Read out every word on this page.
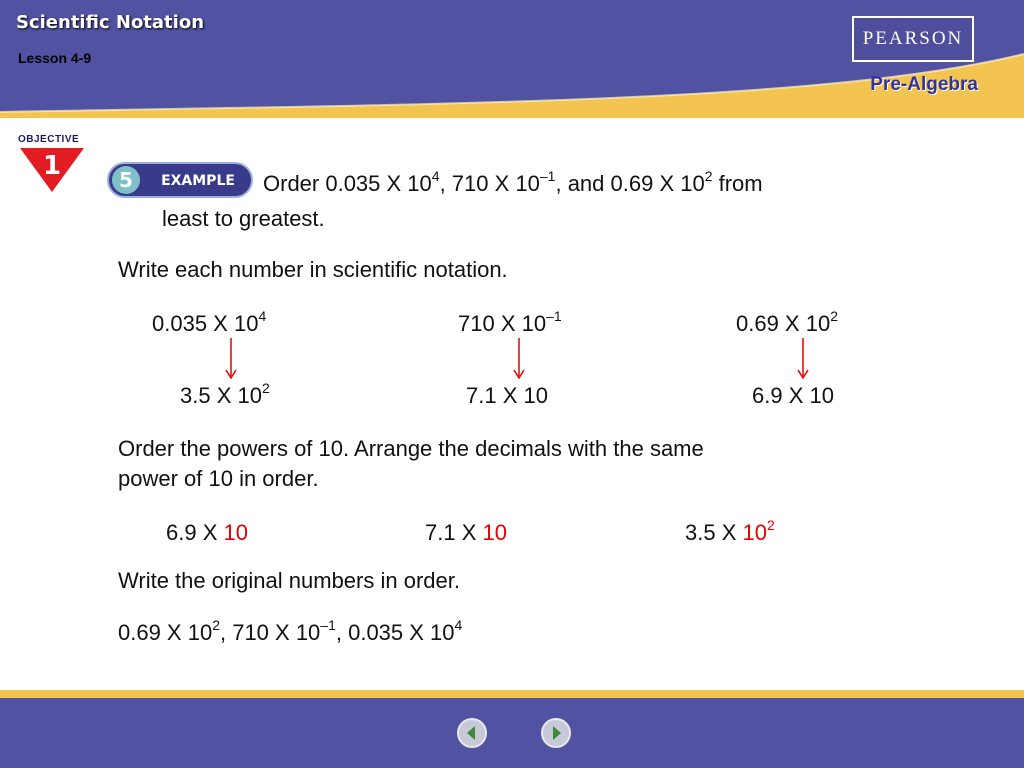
Scientific Notation
Lesson 4-9
PEARSON
Pre-Algebra
OBJECTIVE
1	5 EXAMPLE Order 0.035 X $10^4$, 710 X $10^{-1}$, and 0.69 X $10^2$ from
least to greatest.
Write each number in scientific notation.
0.035 X $10^4$	710 X $10^{-1}$	0.69 X $10^2$
3.5 X $10^2$	7.1 X 10	6.9 X 10
Order the powers of 10. Arrange the decimals with the same
power of 10 in order.
6.9 X 10	7.1 X 10	3.5 X $10^2$
Write the original numbers in order.
0.69 X $10^2$, 710 X $10^{-1}$, 0.035 X $10^4$
